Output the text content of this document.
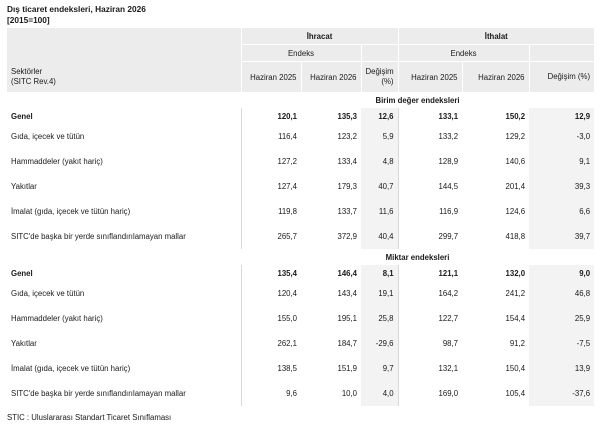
Dış ticaret endeksleri, Haziran 2026
[2015=100]
	İhracat			İthalat		
	Endeks			Endeks		

Sektörler
(SITC Rev.4)	Haziran 2025	Haziran 2026	Değişim (%)	Haziran 2025	Haziran 2026	Değişim (%)
	Birim değer endeksleri					
Genel	120,1	135,3	12,6	133,1	150,2	12,9
Gıda, içecek ve tütün	116,4	123,2	5,9	133,2	129,2	-3,0
Hammaddeler (yakıt hariç)	127,2	133,4	4,8	128,9	140,6	9,1
Yakıtlar	127,4	179,3	40,7	144,5	201,4	39,3
İmalat (gıda, içecek ve tütün hariç)	119,8	133,7	11,6	116,9	124,6	6,6
SITC'de başka bir yerde sınıflandırılamayan mallar	265,7	372,9	40,4	299,7	418,8	39,7
	Miktar endeksleri					
Genel	135,4	146,4	8,1	121,1	132,0	9,0
Gıda, içecek ve tütün	120,4	143,4	19,1	164,2	241,2	46,8
Hammaddeler (yakıt hariç)	155,0	195,1	25,8	122,7	154,4	25,9
Yakıtlar	262,1	184,7	-29,6	98,7	91,2	-7,5
İmalat (gıda, içecek ve tütün hariç)	138,5	151,9	9,7	132,1	150,4	13,9
SITC'de başka bir yerde sınıflandırılamayan mallar	9,6	10,0	4,0	169,0	105,4	-37,6
STIC : Uluslararası Standart Ticaret Sınıflaması
